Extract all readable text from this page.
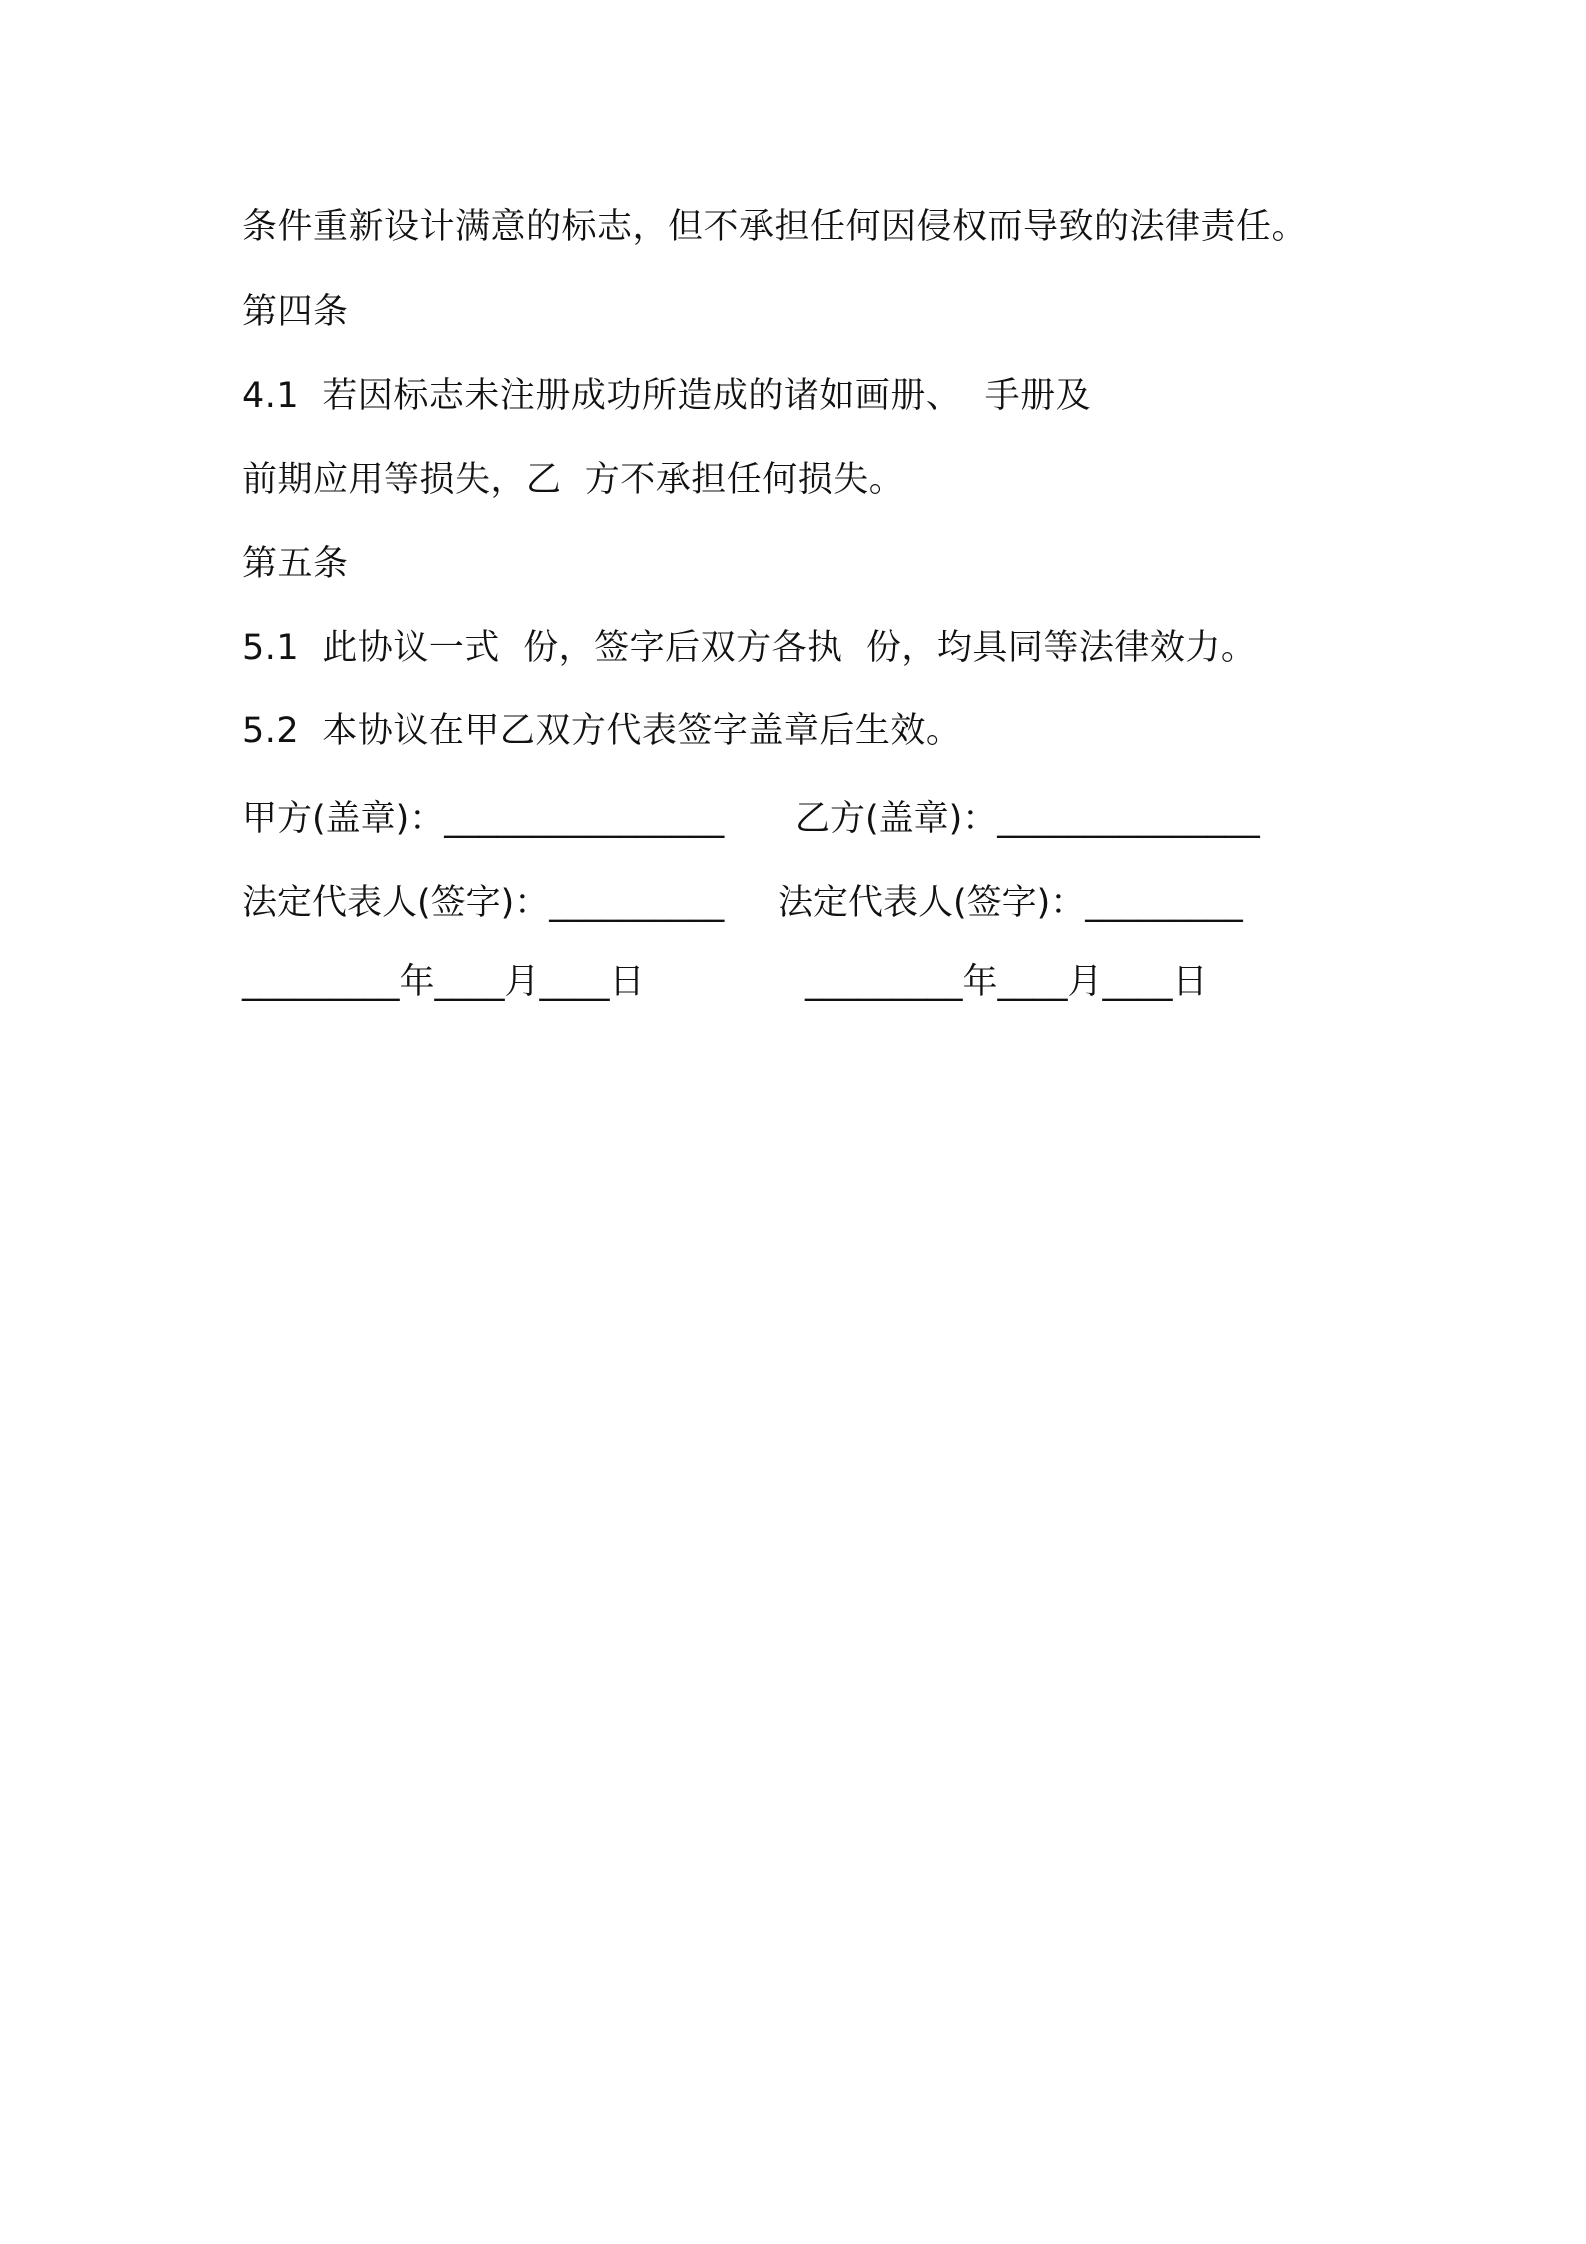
条件重新设计满意的标志，但不承担任何因侵权而导致的法律责任。
第四条
4.1  若因标志未注册成功所造成的诸如画册、  手册及
前期应用等损失，乙  方不承担任何损失。
第五条
5.1  此协议一式  份，签字后双方各执  份，均具同等法律效力。
5.2  本协议在甲乙双方代表签字盖章后生效。
甲方(盖章)：________________ 乙方(盖章)：_______________
法定代表人(签字)：__________ 法定代表人(签字)：_________
_________年____月____日	_________年____月____日
